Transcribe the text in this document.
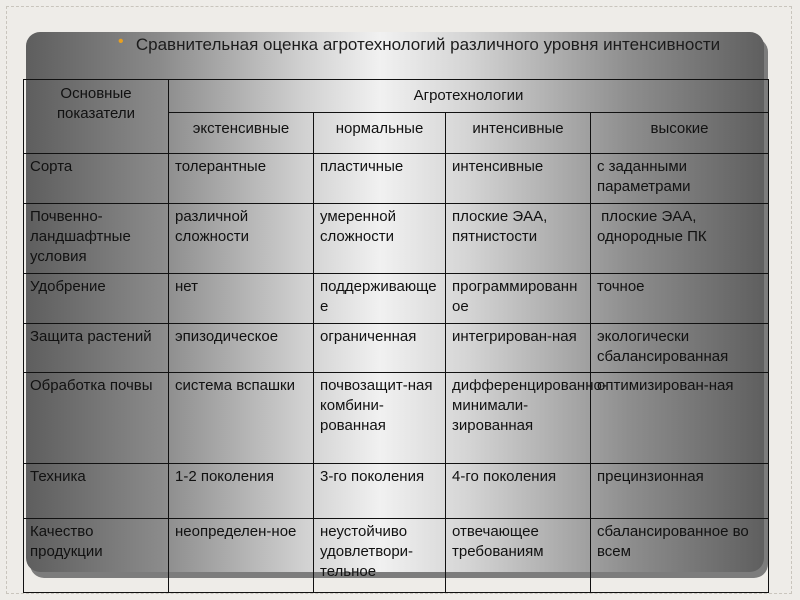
• Сравнительная оценка агротехнологий различного уровня интенсивности
Основные показатели	Агротехнологии			
	экстенсивные	нормальные	интенсивные	высокие
Сорта	толерантные	пластичные	интенсивные	с заданными параметрами
Почвенно-ландшафтные условия	различной сложности	умеренной сложности	плоские ЭАА, пятнистости	плоские ЭАА, однородные ПК
Удобрение	нет	поддерживающее	программированное	точное
Защита растений	эпизодическое	ограниченная	интегрирован-ная	экологически сбалансированная
Обработка почвы	система вспашки	почвозащит-ная комбини-рованная	дифференцированно-минимали-зированная	оптимизирован-ная
Техника	1-2 поколения	3-го поколения	4-го поколения	прецинзионная
Качество продукции	неопределен-ное	неустойчиво удовлетвори-тельное	отвечающее требованиям	сбалансированное во всем
